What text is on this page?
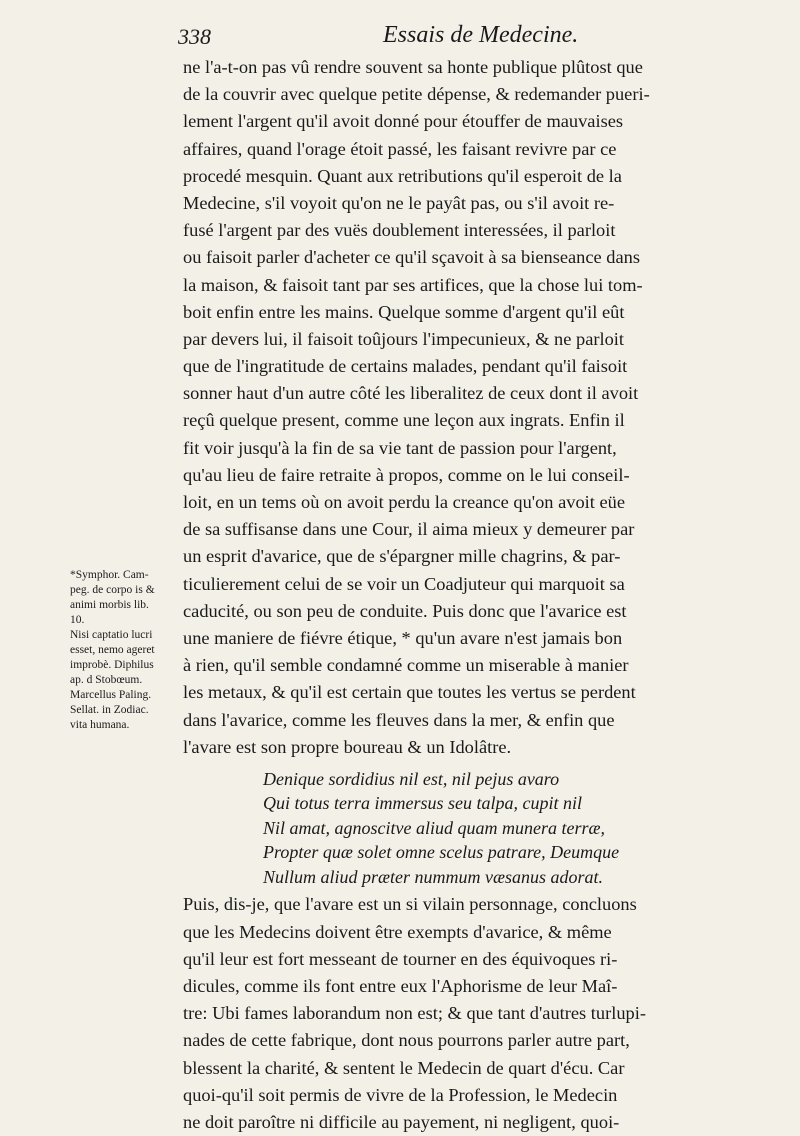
338	Essais de Medecine.
*Symphor. Cam-
peg. de corpo is &
animi morbis lib.
10.
Nisi captatio lucri
esset, nemo ageret
improbè. Diphilus
ap. d Stobœum.
Marcellus Paling.
Sellat. in Zodiac.
vita humana.
ne l'a-t-on pas vû rendre souvent sa honte publique plûtost que
de la couvrir avec quelque petite dépense, & redemander pueri-
lement l'argent qu'il avoit donné pour étouffer de mauvaises
affaires, quand l'orage étoit passé, les faisant revivre par ce
procedé mesquin. Quant aux retributions qu'il esperoit de la
Medecine, s'il voyoit qu'on ne le payât pas, ou s'il avoit re-
fusé l'argent par des vuës doublement interessées, il parloit
ou faisoit parler d'acheter ce qu'il sçavoit à sa bienseance dans
la maison, & faisoit tant par ses artifices, que la chose lui tom-
boit enfin entre les mains. Quelque somme d'argent qu'il eût
par devers lui, il faisoit toûjours l'impecunieux, & ne parloit
que de l'ingratitude de certains malades, pendant qu'il faisoit
sonner haut d'un autre côté les liberalitez de ceux dont il avoit
reçû quelque present, comme une leçon aux ingrats. Enfin il
fit voir jusqu'à la fin de sa vie tant de passion pour l'argent,
qu'au lieu de faire retraite à propos, comme on le lui conseil-
loit, en un tems où on avoit perdu la creance qu'on avoit eüe
de sa suffisanse dans une Cour, il aima mieux y demeurer par
un esprit d'avarice, que de s'épargner mille chagrins, & par-
ticulierement celui de se voir un Coadjuteur qui marquoit sa
caducité, ou son peu de conduite. Puis donc que l'avarice est
une maniere de fiévre étique, * qu'un avare n'est jamais bon
à rien, qu'il semble condamné comme un miserable à manier
les metaux, & qu'il est certain que toutes les vertus se perdent
dans l'avarice, comme les fleuves dans la mer, & enfin que
l'avare est son propre boureau & un Idolâtre.
Denique sordidius nil est, nil pejus avaro
Qui totus terra immersus seu talpa, cupit nil
Nil amat, agnoscitve aliud quam munera terræ,
Propter quæ solet omne scelus patrare, Deumque
Nullum aliud præter nummum væsanus adorat.
Puis, dis-je, que l'avare est un si vilain personnage, concluons
que les Medecins doivent être exempts d'avarice, & même
qu'il leur est fort messeant de tourner en des équivoques ri-
dicules, comme ils font entre eux l'Aphorisme de leur Maî-
tre: Ubi fames laborandum non est; & que tant d'autres turlupi-
nades de cette fabrique, dont nous pourrons parler autre part,
blessent la charité, & sentent le Medecin de quart d'écu. Car
quoi-qu'il soit permis de vivre de la Profession, le Medecin
ne doit paroître ni difficile au payement, ni negligent, quoi-
